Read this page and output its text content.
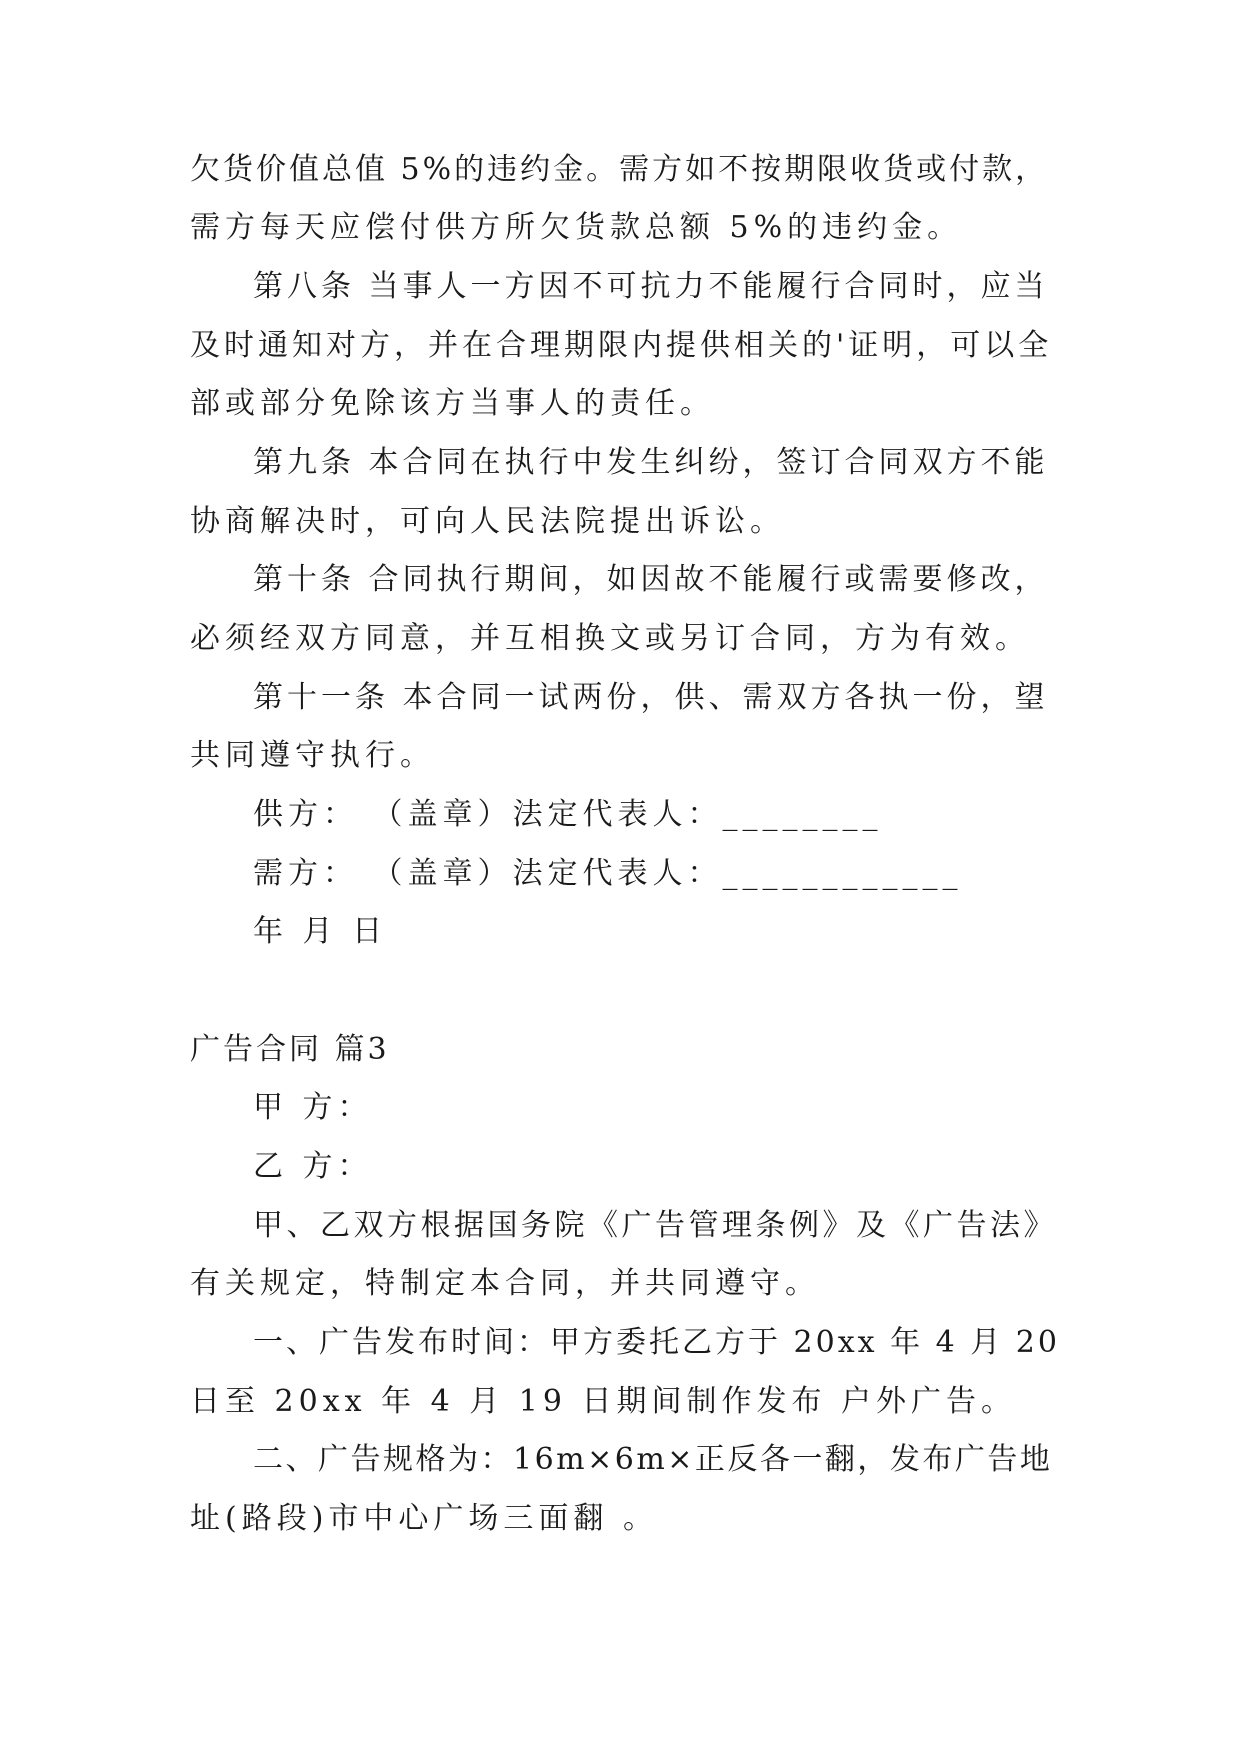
欠货价值总值 5%的违约金。需方如不按期限收货或付款，
需方每天应偿付供方所欠货款总额 5%的违约金。
第八条 当事人一方因不可抗力不能履行合同时，应当
及时通知对方，并在合理期限内提供相关的'证明，可以全
部或部分免除该方当事人的责任。
第九条 本合同在执行中发生纠纷，签订合同双方不能
协商解决时，可向人民法院提出诉讼。
第十条 合同执行期间，如因故不能履行或需要修改，
必须经双方同意，并互相换文或另订合同，方为有效。
第十一条 本合同一试两份，供、需双方各执一份，望
共同遵守执行。
供方： （盖章）法定代表人：________
需方： （盖章）法定代表人：____________
年 月 日
广告合同 篇3
甲 方：
乙 方：
甲、乙双方根据国务院《广告管理条例》及《广告法》
有关规定，特制定本合同，并共同遵守。
一、广告发布时间：甲方委托乙方于 20xx 年 4 月 20
日至 20xx 年 4 月 19 日期间制作发布 户外广告。
二、广告规格为：16m×6m×正反各一翻，发布广告地
址(路段)市中心广场三面翻 。
